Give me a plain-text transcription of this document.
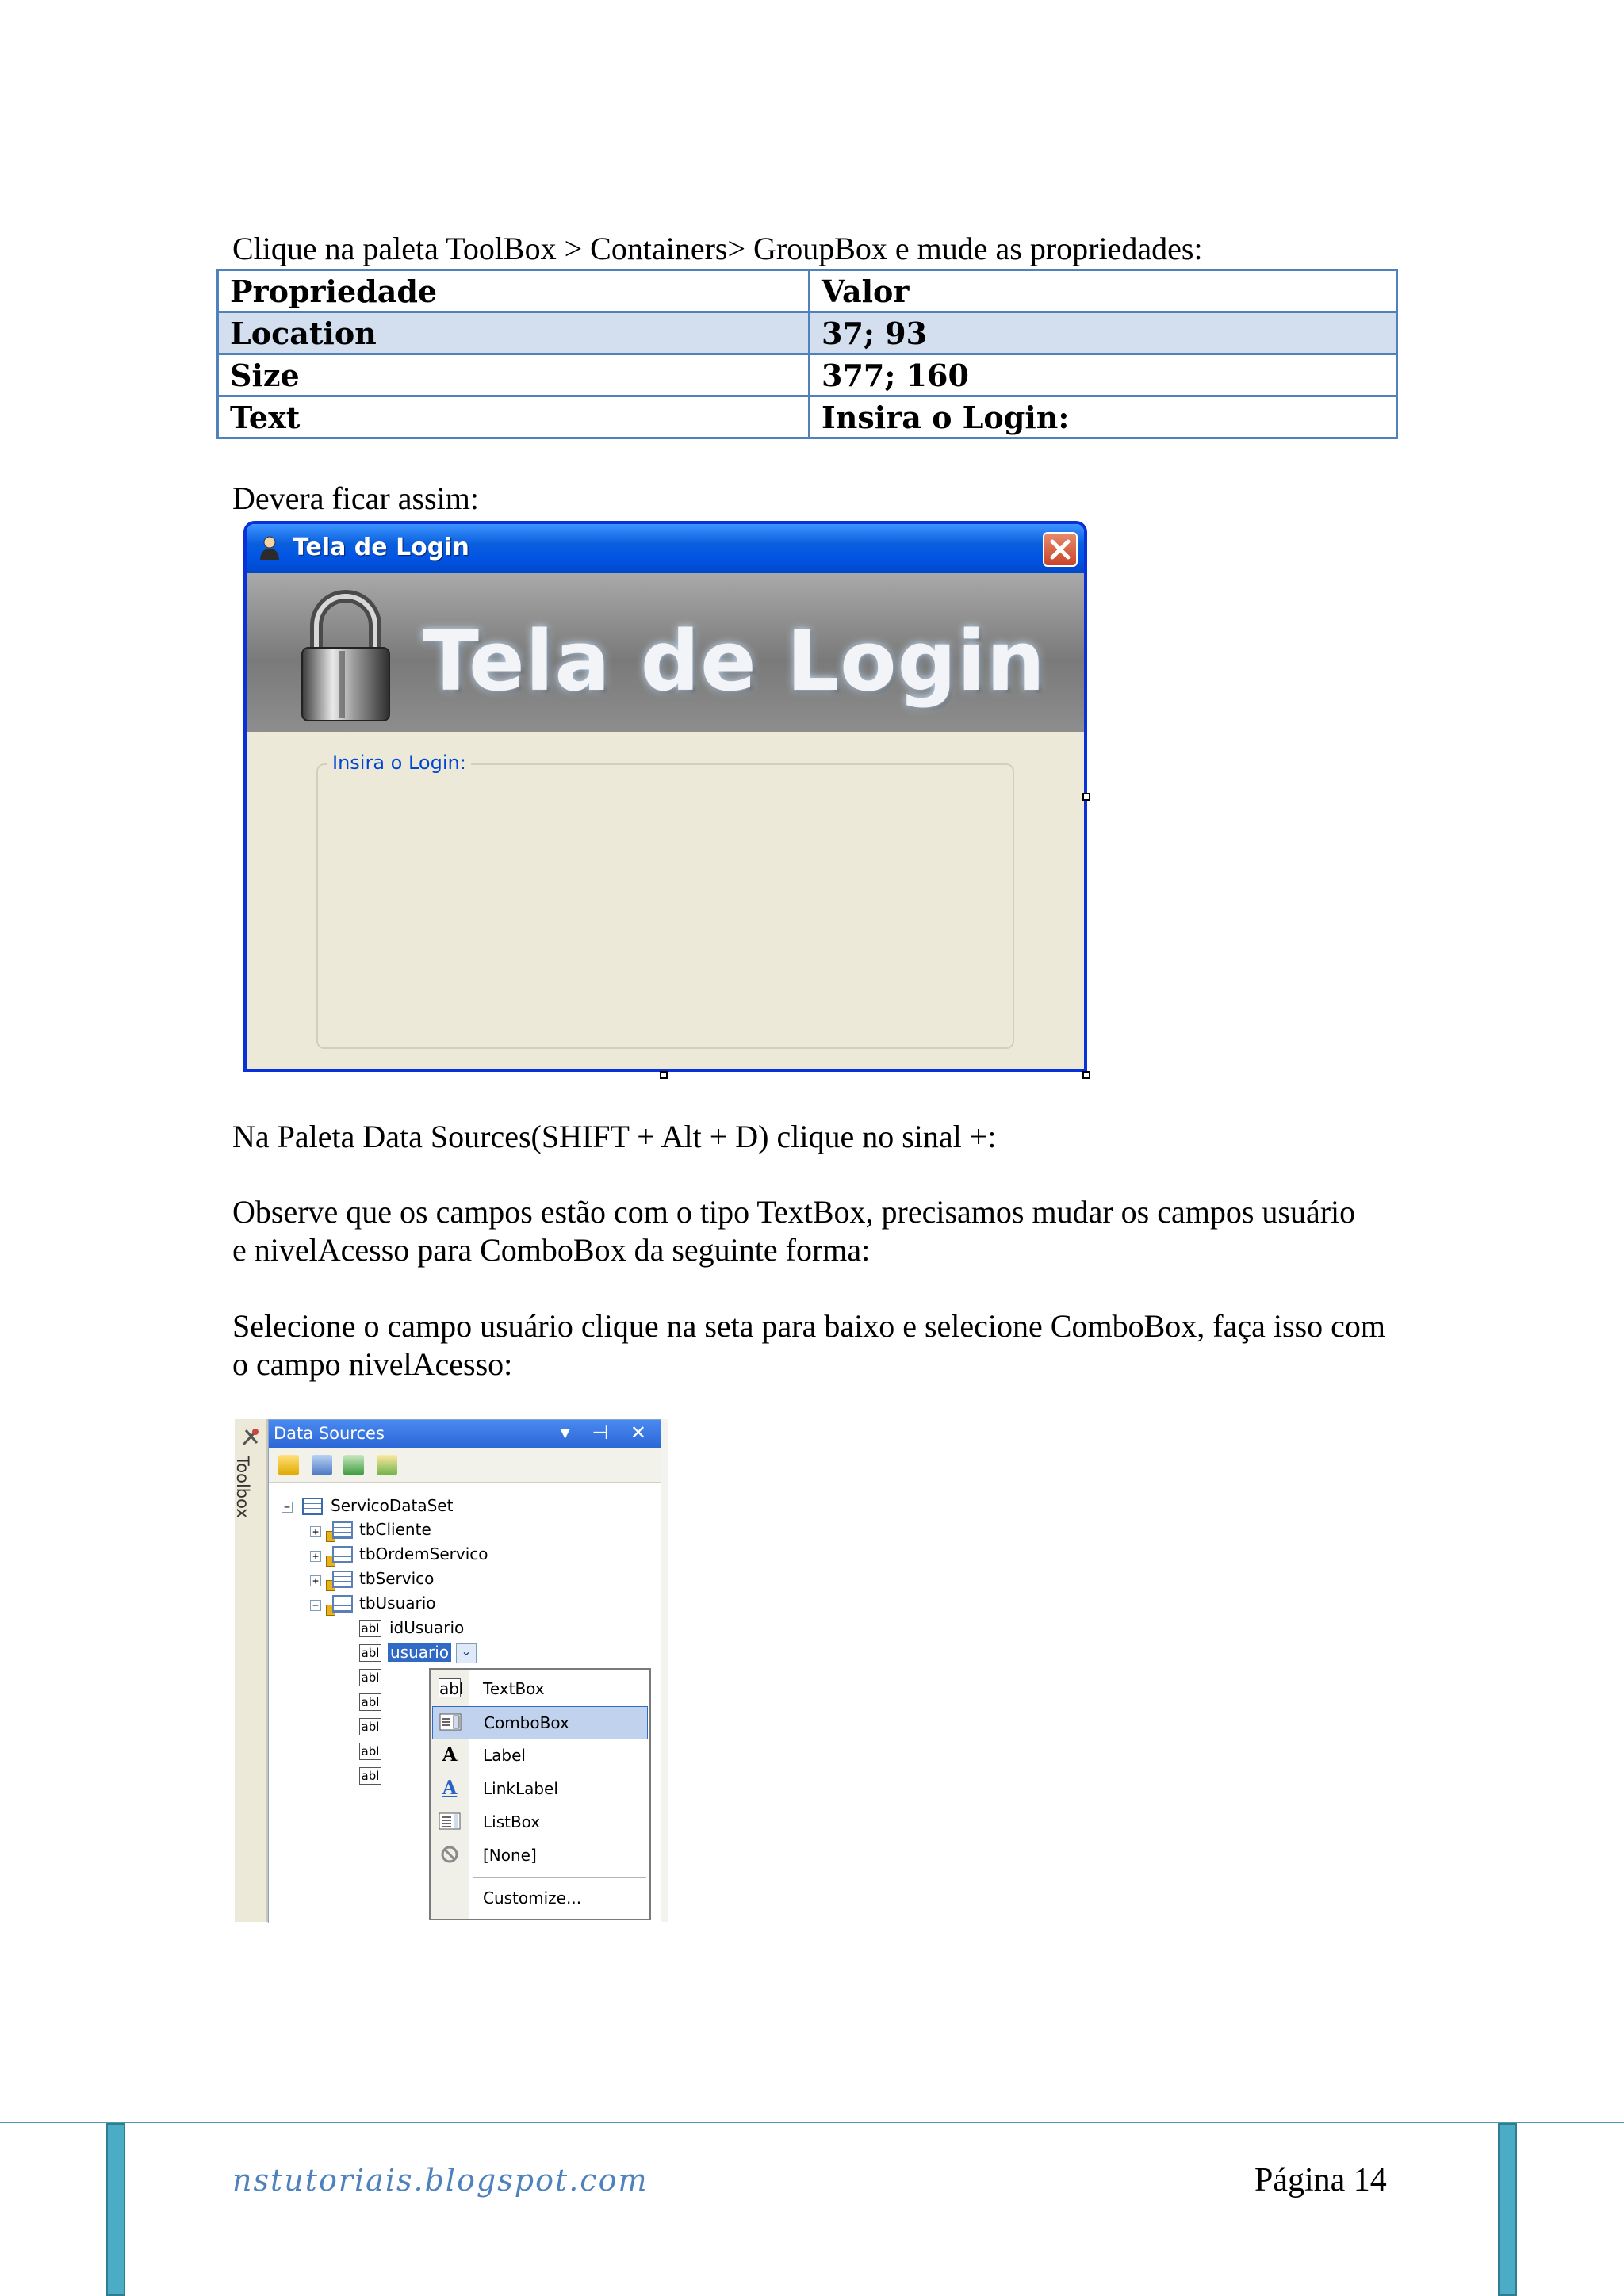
Clique na paleta ToolBox > Containers> GroupBox e mude as propriedades:
Propriedade	Valor
Location	37; 93
Size	377; 160
Text	Insira o Login:
Devera ficar assim:
Tela de Login
Tela de Login
Insira o Login:
Na Paleta Data Sources(SHIFT + Alt + D) clique no sinal +:
Observe que os campos estão com o tipo TextBox, precisamos mudar os campos usuário e nivelAcesso para ComboBox da seguinte forma:
Selecione o campo usuário clique na seta para baixo e selecione ComboBox, faça isso com o campo nivelAcesso:
Toolbox
Data Sources	▾ ⊣ ✕
−	ServicoDataSet
+	tbCliente
+	tbOrdemServico
+	tbServico
−	tbUsuario
abl idUsuario
abl usuario ⌄
abl
abl
abl
abl
abl
abl TextBox
ComboBox
A Label
A LinkLabel
ListBox
[None]
Customize...
nstutoriais.blogspot.com	Página 14
